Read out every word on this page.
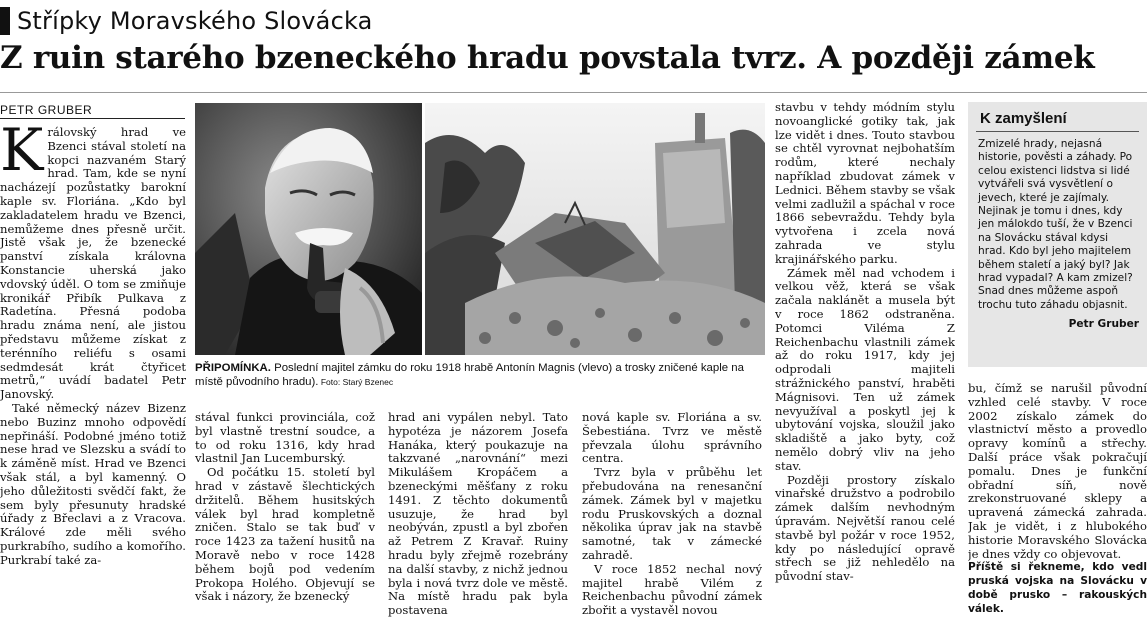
Střípky Moravského Slovácka
Z ruin starého bzeneckého hradu povstala tvrz. A později zámek
PETR GRUBER
K rálovský hrad ve Bzenci stával století na kopci nazvaném Starý hrad. Tam, kde se nyní nacházejí pozůstatky barokní kaple sv. Floriána. „Kdo byl zakladatelem hradu ve Bzenci, nemůžeme dnes přesně určit. Jistě však je, že bzenecké panství získala královna Konstancie uherská jako vdovský úděl. O tom se zmiňuje kronikář Přibík Pulkava z Radetína. Přesná podoba hradu známa není, ale jistou představu můžeme získat z terénního reliéfu s osami sedmdesát krát čtyřicet metrů,“ uvádí badatel Petr Janovský.

Také německý název Bizenz nebo Buzinz mnoho odpovědí nepřináší. Podobné jméno totiž nese hrad ve Slezsku a svádí to k záměně míst. Hrad ve Bzenci však stál, a byl kamenný. O jeho důležitosti svědčí fakt, že sem byly přesunuty hradské úřady z Břeclavi a z Vracova. Králové zde měli svého purkrabího, sudího a komořího. Purkrabí také za-

PŘIPOMÍNKA. Poslední majitel zámku do roku 1918 hrabě Antonín Magnis (vlevo) a trosky zničené kaple na místě původního hradu). Foto: Starý Bzenec

stával funkci provinciála, což byl vlastně trestní soudce, a to od roku 1316, kdy hrad vlastnil Jan Lucemburský.

Od počátku 15. století byl hrad v zástavě šlechtických držitelů. Během husitských válek byl hrad kompletně zničen. Stalo se tak buď v roce 1423 za tažení husitů na Moravě nebo v roce 1428 během bojů pod vedením Prokopa Holého. Objevují se však i názory, že bzenecký

hrad ani vypálen nebyl. Tato hypotéza je názorem Josefa Hanáka, který poukazuje na takzvané „narovnání“ mezi Mikulášem Kropáčem a bzeneckými měšťany z roku 1491. Z těchto dokumentů usuzuje, že hrad byl neobýván, zpustl a byl zbořen až Petrem Z Kravař. Ruiny hradu byly zřejmě rozebrány na další stavby, z nichž jednou byla i nová tvrz dole ve městě. Na místě hradu pak byla postavena

nová kaple sv. Floriána a sv. Šebestiána. Tvrz ve městě převzala úlohu správního centra.

Tvrz byla v průběhu let přebudována na renesanční zámek. Zámek byl v majetku rodu Pruskovských a doznal několika úprav jak na stavbě samotné, tak v zámecké zahradě.

V roce 1852 nechal nový majitel hrabě Vilém z Reichenbachu původní zámek zbořit a vystavěl novou

stavbu v tehdy módním stylu novoanglické gotiky tak, jak lze vidět i dnes. Touto stavbou se chtěl vyrovnat nejbohatším rodům, které nechaly například zbudovat zámek v Lednici. Během stavby se však velmi zadlužil a spáchal v roce 1866 sebevraždu. Tehdy byla vytvořena i zcela nová zahrada ve stylu krajinářského parku.

Zámek měl nad vchodem i velkou věž, která se však začala naklánět a musela být v roce 1862 odstraněna. Potomci Viléma Z Reichenbachu vlastnili zámek až do roku 1917, kdy jej odprodali majiteli strážnického panství, hraběti Mágnisovi. Ten už zámek nevyužíval a poskytl jej k ubytování vojska, sloužil jako skladiště a jako byty, což nemělo dobrý vliv na jeho stav.

Později prostory získalo vinařské družstvo a podrobilo zámek dalším nevhodným úpravám. Největší ranou celé stavbě byl požár v roce 1952, kdy po následující opravě střech se již nehledělo na původní stav-

K zamyšlení
Zmizelé hrady, nejasná historie, pověsti a záhady. Po celou existenci lidstva si lidé vytvářeli svá vysvětlení o jevech, které je zajímaly. Nejinak je tomu i dnes, kdy jen málokdo tuší, že v Bzenci na Slovácku stával kdysi hrad. Kdo byl jeho majitelem během staletí a jaký byl? Jak hrad vypadal? A kam zmizel? Snad dnes můžeme aspoň trochu tuto záhadu objasnit.
Petr Gruber

bu, čímž se narušil původní vzhled celé stavby. V roce 2002 získalo zámek do vlastnictví město a provedlo opravy komínů a střechy. Další práce však pokračují pomalu. Dnes je funkční obřadní síň, nově zrekonstruované sklepy a upravená zámecká zahrada. Jak je vidět, i z hlubokého historie Moravského Slovácka je dnes vždy co objevovat.

Příště si řekneme, kdo vedl pruská vojska na Slovácku v době prusko – rakouských válek.
